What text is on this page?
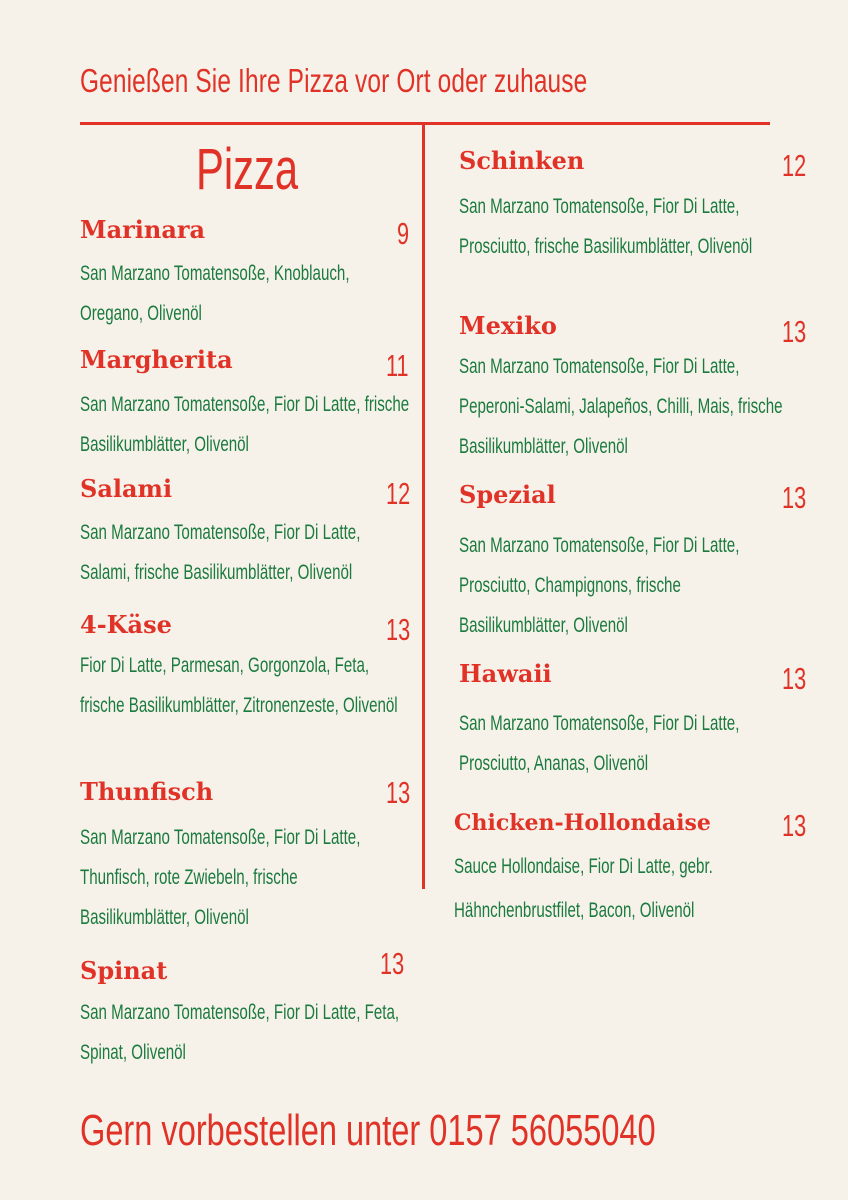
Genießen Sie Ihre Pizza vor Ort oder zuhause
Pizza
Marinara	9
San Marzano Tomatensoße, Knoblauch, Oregano, Olivenöl
Margherita	11
San Marzano Tomatensoße, Fior Di Latte, frische Basilikumblätter, Olivenöl
Salami	12
San Marzano Tomatensoße, Fior Di Latte, Salami, frische Basilikumblätter, Olivenöl
4-Käse	13
Fior Di Latte, Parmesan, Gorgonzola, Feta, frische Basilikumblätter, Zitronenzeste, Olivenöl
Thunfisch	13
San Marzano Tomatensoße, Fior Di Latte, Thunfisch, rote Zwiebeln, frische Basilikumblätter, Olivenöl
Spinat	13
San Marzano Tomatensoße, Fior Di Latte, Feta, Spinat, Olivenöl
Schinken	12
San Marzano Tomatensoße, Fior Di Latte, Prosciutto, frische Basilikumblätter, Olivenöl
Mexiko	13
San Marzano Tomatensoße, Fior Di Latte, Peperoni-Salami, Jalapeños, Chilli, Mais, frische Basilikumblätter, Olivenöl
Spezial	13
San Marzano Tomatensoße, Fior Di Latte, Prosciutto, Champignons, frische Basilikumblätter, Olivenöl
Hawaii	13
San Marzano Tomatensoße, Fior Di Latte, Prosciutto, Ananas, Olivenöl
Chicken-Hollondaise 13
Sauce Hollondaise, Fior Di Latte, gebr. Hähnchenbrustfilet, Bacon, Olivenöl
Gern vorbestellen unter 0157 56055040
